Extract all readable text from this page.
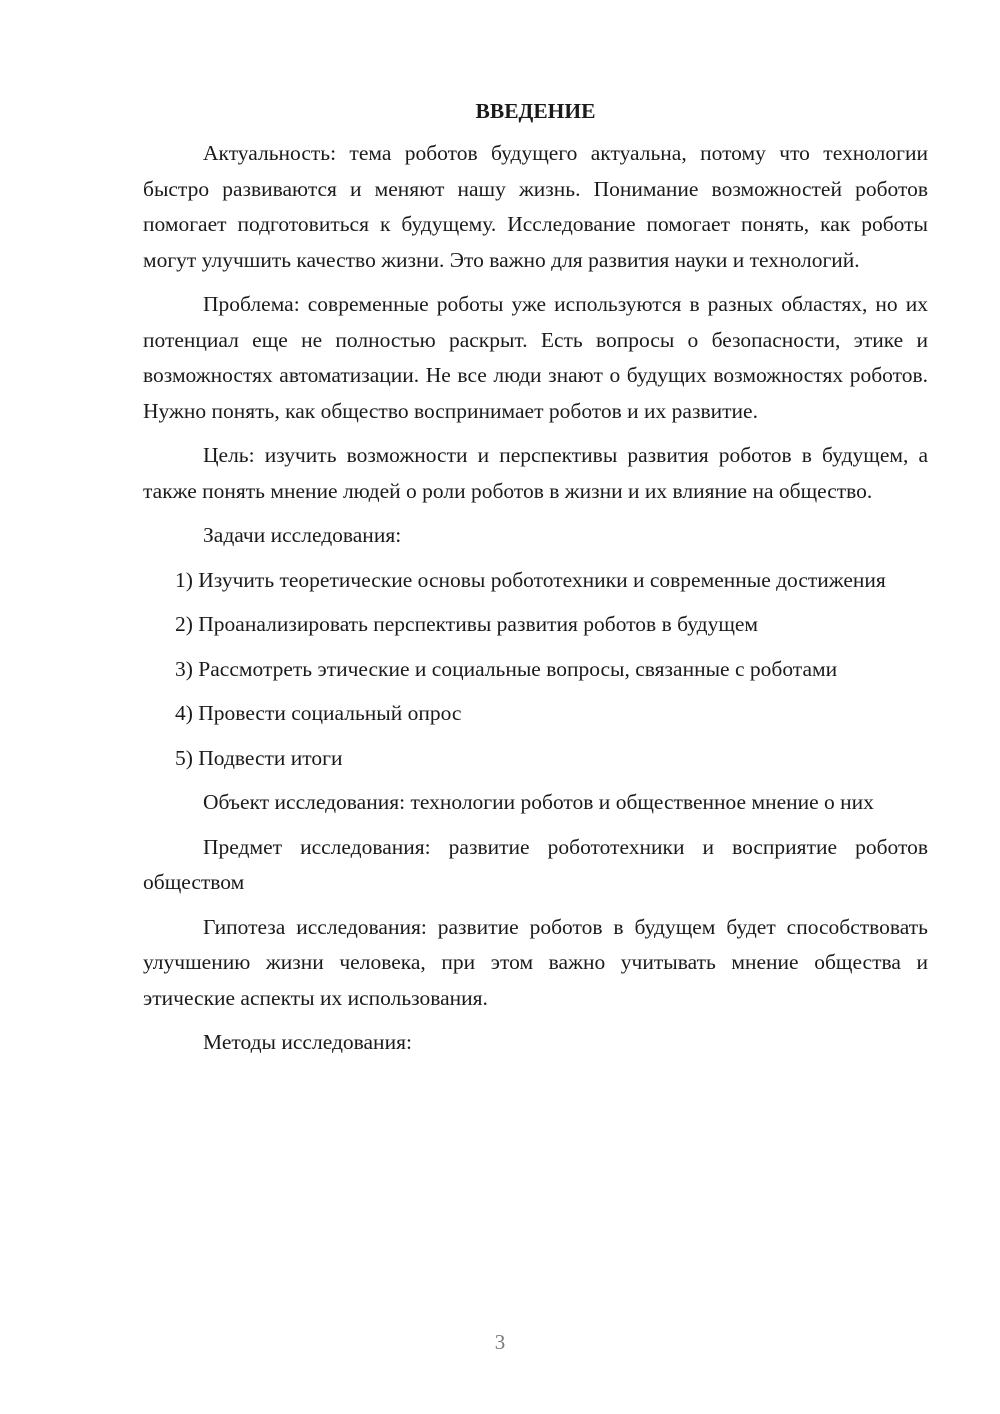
ВВЕДЕНИЕ

Актуальность: тема роботов будущего актуальна, потому что технологии быстро развиваются и меняют нашу жизнь. Понимание возможностей роботов помогает подготовиться к будущему. Исследование помогает понять, как роботы могут улучшить качество жизни. Это важно для развития науки и технологий.

Проблема: современные роботы уже используются в разных областях, но их потенциал еще не полностью раскрыт. Есть вопросы о безопасности, этике и возможностях автоматизации. Не все люди знают о будущих возможностях роботов. Нужно понять, как общество воспринимает роботов и их развитие.

Цель: изучить возможности и перспективы развития роботов в будущем, а также понять мнение людей о роли роботов в жизни и их влияние на общество.

Задачи исследования:

1) Изучить теоретические основы робототехники и современные достижения

2) Проанализировать перспективы развития роботов в будущем

3) Рассмотреть этические и социальные вопросы, связанные с роботами

4) Провести социальный опрос

5) Подвести итоги

Объект исследования: технологии роботов и общественное мнение о них

Предмет исследования: развитие робототехники и восприятие роботов обществом

Гипотеза исследования: развитие роботов в будущем будет способствовать улучшению жизни человека, при этом важно учитывать мнение общества и этические аспекты их использования.

Методы исследования:

3
